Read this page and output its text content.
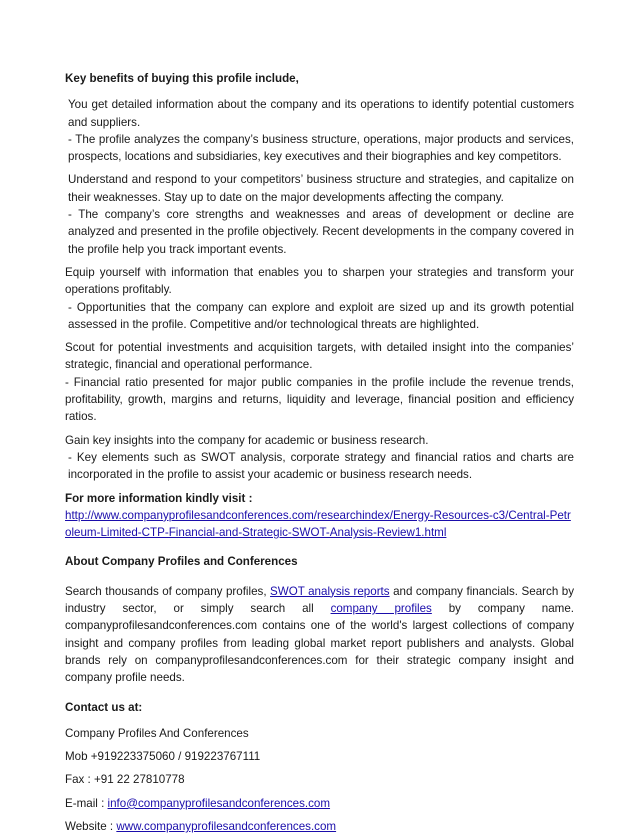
Key benefits of buying this profile include,

You get detailed information about the company and its operations to identify potential customers and suppliers.

- The profile analyzes the company’s business structure, operations, major products and services, prospects, locations and subsidiaries, key executives and their biographies and key competitors.

Understand and respond to your competitors’ business structure and strategies, and capitalize on their weaknesses. Stay up to date on the major developments affecting the company.

- The company’s core strengths and weaknesses and areas of development or decline are analyzed and presented in the profile objectively. Recent developments in the company covered in the profile help you track important events.

Equip yourself with information that enables you to sharpen your strategies and transform your operations profitably.

- Opportunities that the company can explore and exploit are sized up and its growth potential assessed in the profile. Competitive and/or technological threats are highlighted.

Scout for potential investments and acquisition targets, with detailed insight into the companies’ strategic, financial and operational performance.

- Financial ratio presented for major public companies in the profile include the revenue trends, profitability, growth, margins and returns, liquidity and leverage, financial position and efficiency ratios.

Gain key insights into the company for academic or business research.

- Key elements such as SWOT analysis, corporate strategy and financial ratios and charts are incorporated in the profile to assist your academic or business research needs.

For more information kindly visit :

http://www.companyprofilesandconferences.com/researchindex/Energy-Resources-c3/Central-Petroleum-Limited-CTP-Financial-and-Strategic-SWOT-Analysis-Review1.html

About Company Profiles and Conferences

Search thousands of company profiles, SWOT analysis reports and company financials. Search by industry sector, or simply search all company profiles by company name. companyprofilesandconferences.com contains one of the world's largest collections of company insight and company profiles from leading global market report publishers and analysts. Global brands rely on companyprofilesandconferences.com for their strategic company insight and company profile needs.

Contact us at:

Company Profiles And Conferences

Mob +919223375060 / 919223767111

Fax : +91 22 27810778

E-mail : info@companyprofilesandconferences.com

Website : www.companyprofilesandconferences.com
